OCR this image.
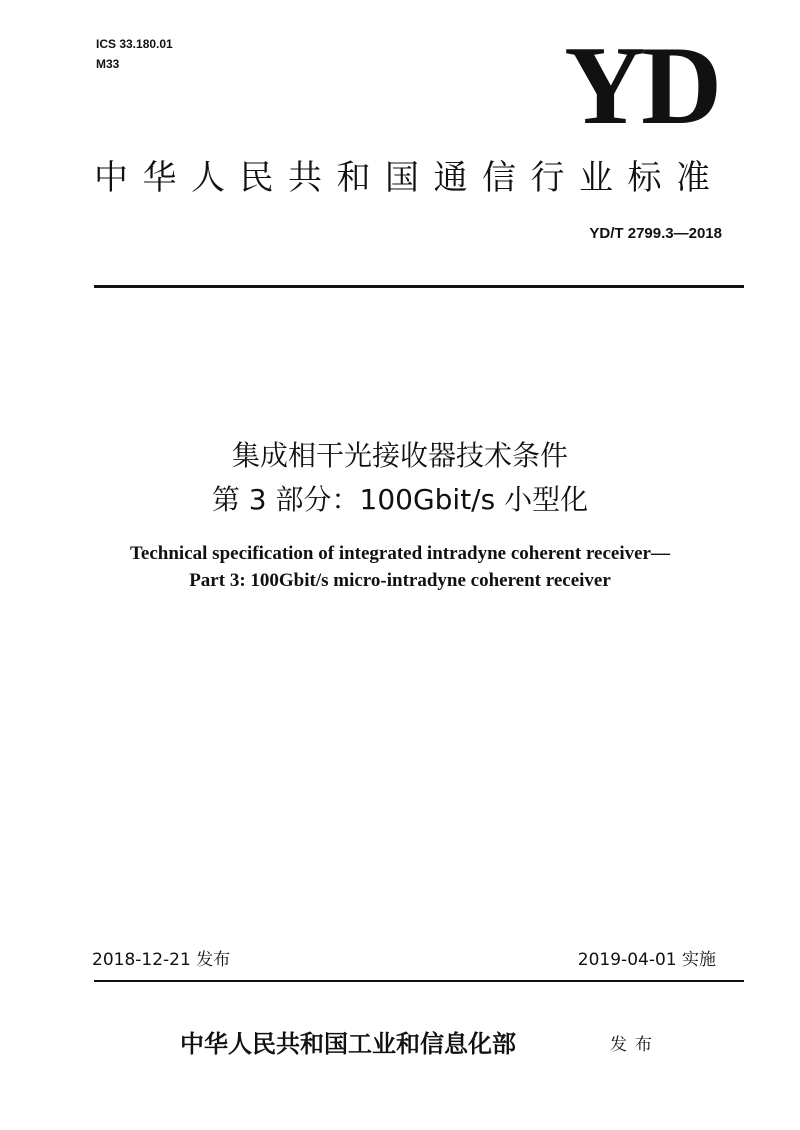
ICS 33.180.01
M33	YD
中华人民共和国通信行业标准
YD/T 2799.3—2018
集成相干光接收器技术条件
第 3 部分：100Gbit/s 小型化
Technical specification of integrated intradyne coherent receiver—
Part 3: 100Gbit/s micro-intradyne coherent receiver
2018-12-21 发布	2019-04-01 实施
中华人民共和国工业和信息化部	发布
